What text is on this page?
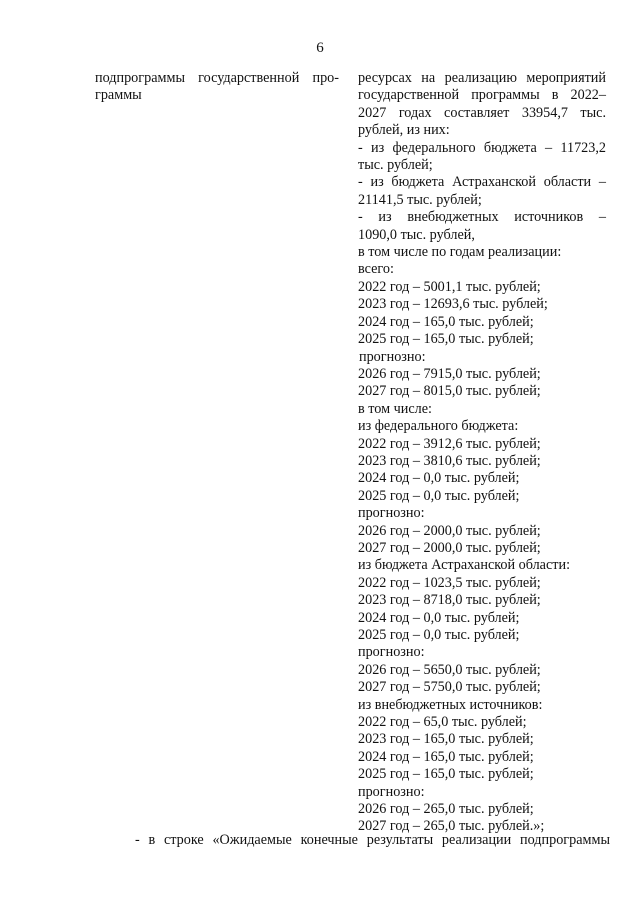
6
подпрограммы государственной про-
граммы
ресурсах на реализацию мероприятий
государственной программы в 2022–
2027 годах составляет 33954,7 тыс.
рублей, из них:
- из федерального бюджета – 11723,2
тыс. рублей;
- из бюджета Астраханской области –
21141,5 тыс. рублей;
- из внебюджетных источников –
1090,0 тыс. рублей,
в том числе по годам реализации:
всего:
2022 год – 5001,1 тыс. рублей;
2023 год – 12693,6 тыс. рублей;
2024 год – 165,0 тыс. рублей;
2025 год – 165,0 тыс. рублей;
прогнозно:
2026 год – 7915,0 тыс. рублей;
2027 год – 8015,0 тыс. рублей;
в том числе:
из федерального бюджета:
2022 год – 3912,6 тыс. рублей;
2023 год – 3810,6 тыс. рублей;
2024 год – 0,0 тыс. рублей;
2025 год – 0,0 тыс. рублей;
прогнозно:
2026 год – 2000,0 тыс. рублей;
2027 год – 2000,0 тыс. рублей;
из бюджета Астраханской области:
2022 год – 1023,5 тыс. рублей;
2023 год – 8718,0 тыс. рублей;
2024 год – 0,0 тыс. рублей;
2025 год – 0,0 тыс. рублей;
прогнозно:
2026 год – 5650,0 тыс. рублей;
2027 год – 5750,0 тыс. рублей;
из внебюджетных источников:
2022 год – 65,0 тыс. рублей;
2023 год – 165,0 тыс. рублей;
2024 год – 165,0 тыс. рублей;
2025 год – 165,0 тыс. рублей;
прогнозно:
2026 год – 265,0 тыс. рублей;
2027 год – 265,0 тыс. рублей.»;
- в строке «Ожидаемые конечные результаты реализации подпрограммы
